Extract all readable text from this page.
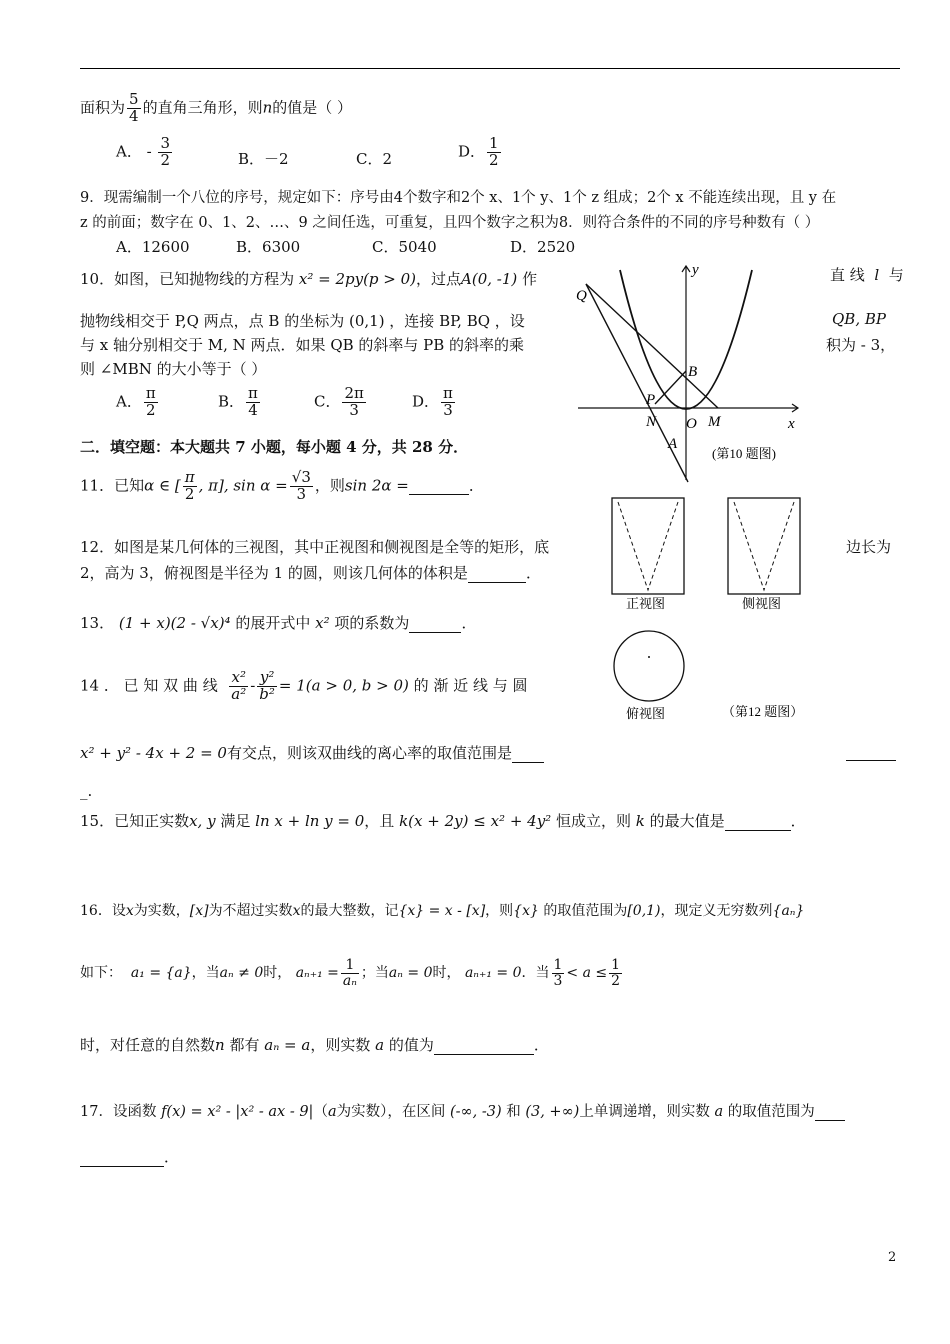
面积为 $\frac{5}{4}$ 的直角三角形，则n的值是（ ）
A． - $\frac{3}{2}$	B．－2	C．2	D． $\frac{1}{2}$
9．现需编制一个八位的序号，规定如下：序号由4个数字和2个 x、1个 y、1个 z 组成；2个 x 不能连续出现，且 y 在
z 的前面；数字在 0、1、2、…、9 之间任选，可重复，且四个数字之积为8．则符合条件的不同的序号种数有（ ）
A．12600	B．6300	C．5040	D．2520
10．如图，已知抛物线的方程为 x² = 2py(p > 0)，过点A(0, -1) 作	直 线 l 与
抛物线相交于 P,Q 两点，点 B 的坐标为 (0,1) ，连接 BP, BQ ，设	QB, BP
与 x 轴分别相交于 M, N 两点．如果 QB 的斜率与 PB 的斜率的乘	积为 - 3，
则 ∠MBN 的大小等于（ ）
A． $\frac{\pi}{2}$	B． $\frac{\pi}{4}$	C． $\frac{2\pi}{3}$	D． $\frac{\pi}{3}$
y
x
Q
B
P
N O M
A
(第10 题图)
二．填空题：本大题共 7 小题，每小题 4 分，共 28 分．
11．已知α ∈ [ $\frac{\pi}{2}$ , π], $\sin \alpha = \frac{√3}{3}$ ，则sin 2α =	．
12．如图是某几何体的三视图，其中正视图和侧视图是全等的矩形，底	边长为
2，高为 3，俯视图是半径为 1 的圆，则该几何体的体积是	．
正视图	侧视图
俯视图	（第12 题图）
13． (1 + x)(2 - √x)⁴ 的展开式中 x² 项的系数为	．
14 ． 已 知 双 曲 线 $\frac{\text{x²}}{\text{a²}} - \frac{\text{y²}}{\text{b²}} = 1(a > 0$, b > 0) 的 渐 近 线 与 圆
x² + y² - 4x + 2 = 0有交点，则该双曲线的离心率的取值范围是

_.
15．已知正实数x, y 满足 ln x + ln y = 0，且 k(x + 2y) ≤ x² + 4y² 恒成立，则 k 的最大值是	．
16．设x为实数，[x]为不超过实数x的最大整数，记{x} = x - [x]，则{x} 的取值范围为[0,1)，现定义无穷数列{aₙ}
如下： a₁ = {a}，当aₙ ≠ 0时， $a_{n+1} = \frac{1}{\text{aₙ}}$ ；当aₙ = 0时， aₙ₊₁ = 0．当 $\frac{1}{3} < a \le \frac{1}{2}$
时，对任意的自然数n 都有 aₙ = a，则实数 a 的值为	．
17．设函数 f(x) = x² - |x² - ax - 9|（a为实数），在区间 (-∞, -3) 和 (3, +∞)上单调递增，则实数 a 的取值范围为
．
2
